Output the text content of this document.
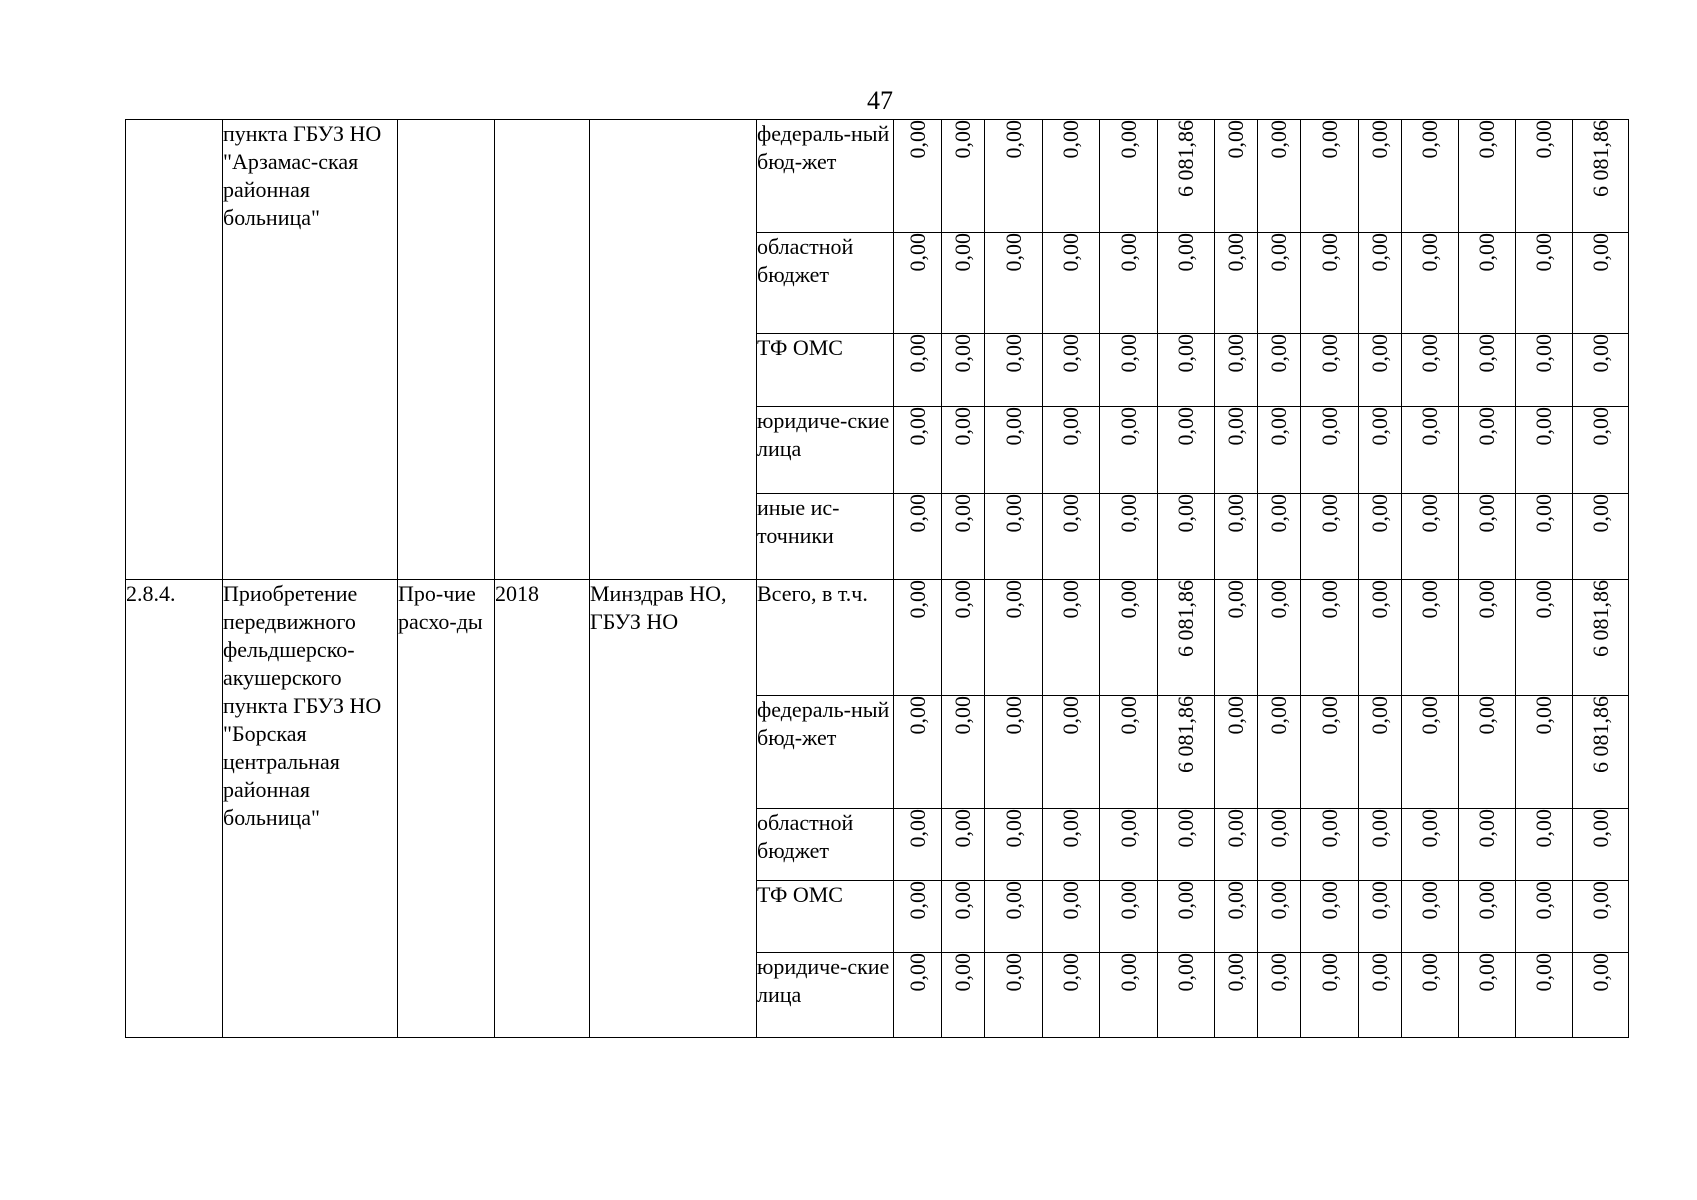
47
	пункта ГБУЗ НО "Арзамас-ская районная больница"				федераль-ный бюд-жет	0,00	0,00	0,00	0,00	0,00	6 081,86	0,00	0,00	0,00	0,00	0,00	0,00	0,00	6 081,86
					областной бюджет	0,00	0,00	0,00	0,00	0,00	0,00	0,00	0,00	0,00	0,00	0,00	0,00	0,00	0,00
					ТФ ОМС	0,00	0,00	0,00	0,00	0,00	0,00	0,00	0,00	0,00	0,00	0,00	0,00	0,00	0,00
					юридиче-ские лица	0,00	0,00	0,00	0,00	0,00	0,00	0,00	0,00	0,00	0,00	0,00	0,00	0,00	0,00
					иные ис-точники	0,00	0,00	0,00	0,00	0,00	0,00	0,00	0,00	0,00	0,00	0,00	0,00	0,00	0,00
2.8.4.	Приобретение передвижного фельдшерско-акушерского пункта ГБУЗ НО "Борская центральная районная больница"	Про-чие расхо-ды	2018	Минздрав НО, ГБУЗ НО	Всего, в т.ч.	0,00	0,00	0,00	0,00	0,00	6 081,86	0,00	0,00	0,00	0,00	0,00	0,00	0,00	6 081,86
					федераль-ный бюд-жет	0,00	0,00	0,00	0,00	0,00	6 081,86	0,00	0,00	0,00	0,00	0,00	0,00	0,00	6 081,86
					областной бюджет	0,00	0,00	0,00	0,00	0,00	0,00	0,00	0,00	0,00	0,00	0,00	0,00	0,00	0,00
					ТФ ОМС	0,00	0,00	0,00	0,00	0,00	0,00	0,00	0,00	0,00	0,00	0,00	0,00	0,00	0,00
					юридиче-ские лица	0,00	0,00	0,00	0,00	0,00	0,00	0,00	0,00	0,00	0,00	0,00	0,00	0,00	0,00
